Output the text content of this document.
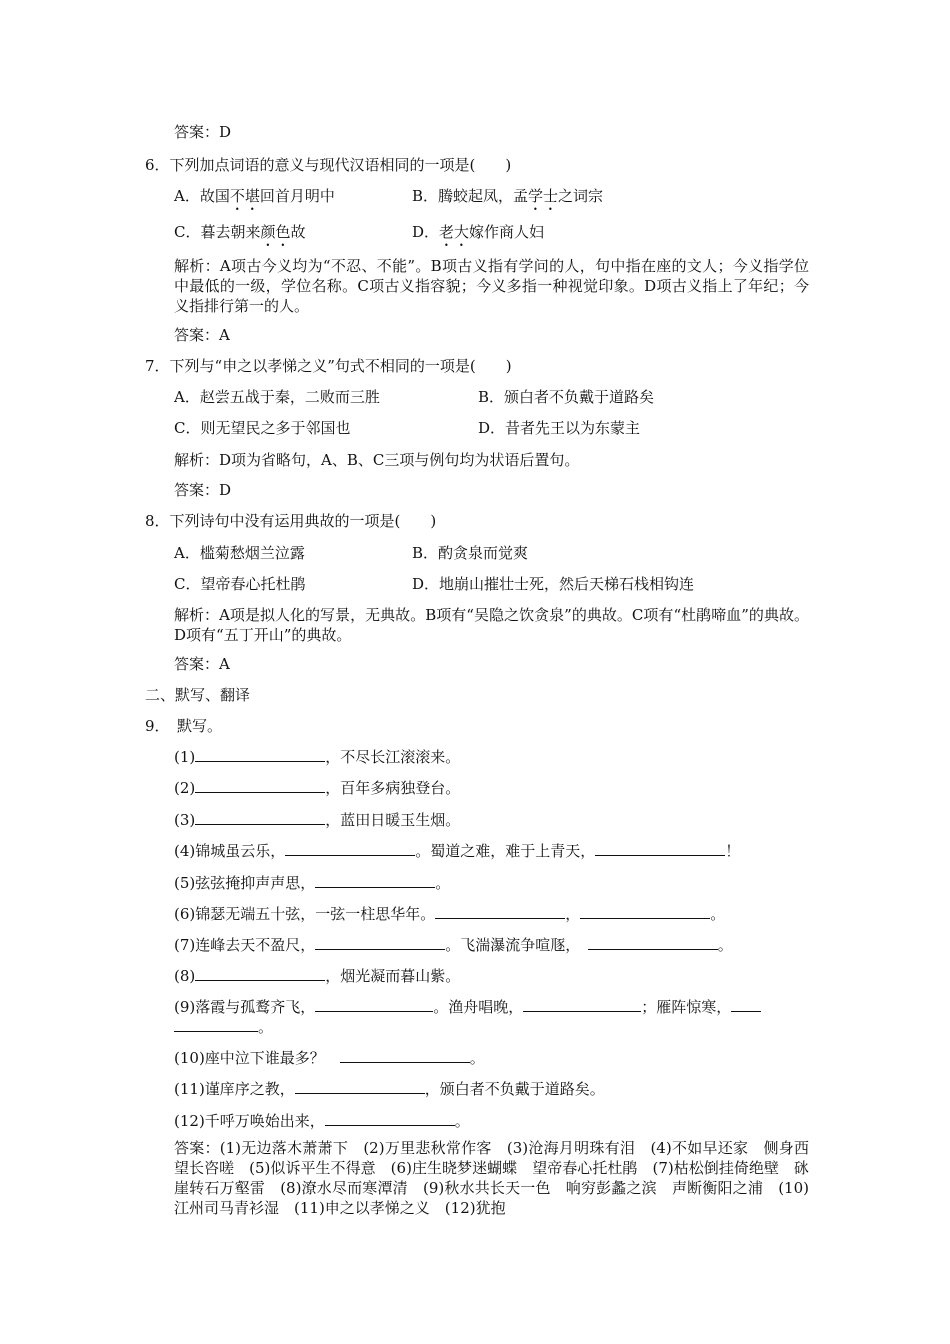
答案：D
6．下列加点词语的意义与现代汉语相同的一项是(　　)
A．故国不堪回首月明中	B．腾蛟起凤，孟学士之词宗
C．暮去朝来颜色故	D．老大嫁作商人妇
解析：A项古今义均为“不忍、不能”。B项古义指有学问的人，句中指在座的文人；今义指学位中最低的一级，学位名称。C项古义指容貌；今义多指一种视觉印象。D项古义指上了年纪；今义指排行第一的人。
答案：A
7．下列与“申之以孝悌之义”句式不相同的一项是(　　)
A．赵尝五战于秦，二败而三胜	B．颁白者不负戴于道路矣
C．则无望民之多于邻国也	D．昔者先王以为东蒙主
解析：D项为省略句，A、B、C三项与例句均为状语后置句。
答案：D
8．下列诗句中没有运用典故的一项是(　　)
A．槛菊愁烟兰泣露	B．酌贪泉而觉爽
C．望帝春心托杜鹃	D．地崩山摧壮士死，然后天梯石栈相钩连
解析：A项是拟人化的写景，无典故。B项有“吴隐之饮贪泉”的典故。C项有“杜鹃啼血”的典故。D项有“五丁开山”的典故。
答案：A
二、默写、翻译
9．　默写。
(1)	，不尽长江滚滚来。
(2)	，百年多病独登台。
(3)	，蓝田日暖玉生烟。
(4)锦城虽云乐，	。蜀道之难，难于上青天，	！
(5)弦弦掩抑声声思，	。
(6)锦瑟无端五十弦，一弦一柱思华年。	，	。
(7)连峰去天不盈尺，	。飞湍瀑流争喧豗，　	。
(8)	，烟光凝而暮山紫。
(9)落霞与孤鹜齐飞，	。渔舟唱晚，	；雁阵惊寒，
。
(10)座中泣下谁最多？　	。
(11)谨庠序之教，	，颁白者不负戴于道路矣。
(12)千呼万唤始出来，	。
答案：(1)无边落木萧萧下　(2)万里悲秋常作客　(3)沧海月明珠有泪　(4)不如早还家　侧身西望长咨嗟　(5)似诉平生不得意　(6)庄生晓梦迷蝴蝶　望帝春心托杜鹃　(7)枯松倒挂倚绝壁　砯崖转石万壑雷　(8)潦水尽而寒潭清　(9)秋水共长天一色　响穷彭蠡之滨　声断衡阳之浦　(10)江州司马青衫湿　(11)申之以孝悌之义　(12)犹抱
